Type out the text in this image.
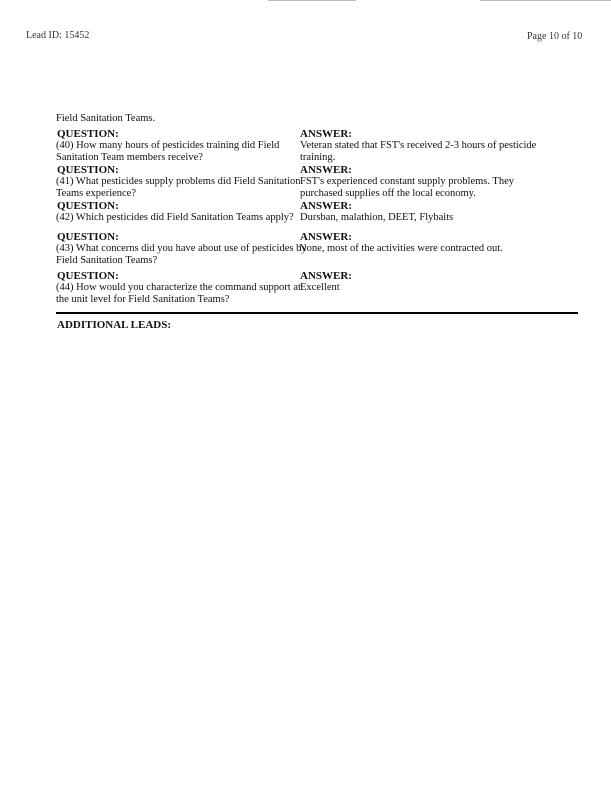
Lead ID: 15452	Page 10 of 10
Field Sanitation Teams.
QUESTION:	ANSWER:
(40) How many hours of pesticides training did Field
Sanitation Team members receive?
Veteran stated that FST's received 2-3 hours of pesticide
training.
QUESTION:	ANSWER:
(41) What pesticides supply problems did Field Sanitation
Teams experience?
FST's experienced constant supply problems. They
purchased supplies off the local economy.
QUESTION:	ANSWER:
(42) Which pesticides did Field Sanitation Teams apply? Dursban, malathion, DEET, Flybaits
QUESTION:	ANSWER:
(43) What concerns did you have about use of pesticides by
Field Sanitation Teams?
None, most of the activities were contracted out.
QUESTION:	ANSWER:
(44) How would you characterize the command support at
the unit level for Field Sanitation Teams?
Excellent
ADDITIONAL LEADS:
